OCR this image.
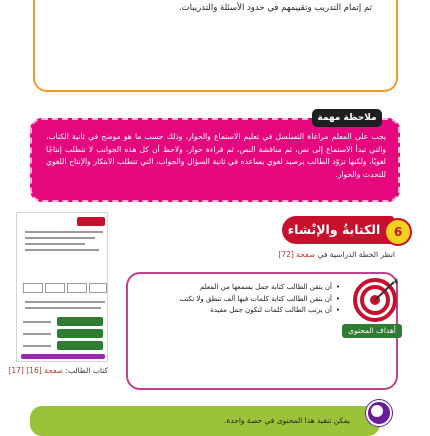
ثم إتمام التدريب وتقييمهم في حدود الأسئلة والتدريبات.
ملاحظة مهمة
يجب على المعلم مراعاة التسلسل في تعليم الاستماع والحوار، وذلك حسب ما هو موضح في ثانية الكتاب، والتي تبدأ الاستماع إلى نص، ثم مناقشة النص، ثم قراءة حوار، ولاحظ أن كل هذه الجوانب لا تتطلب إنتاجًا لغويًا، ولكنها تزوّد الطالب برصيد لغوي يساعده في ثانية السؤال والجواب، التي تتطلب الابتكار والإنتاج اللغوي للتحدث والحوار.
كتاب الطالب: صفحة [16] [17]
الكتابةُ والإنْشاء	6
انظر الخطة الدراسية في صفحة [72]
أهداف المحتوى
• أن يتقن الطالب كتابة جمل يسمعها من المعلم
• أن يتقن الطالب كتابة كلمات فيها ألف تنطق ولا تكتب
• أن يرتب الطالب كلمات لتكون جمل مفيدة
يمكن تنفيذ هذا المحتوى في حصة واحدة.
